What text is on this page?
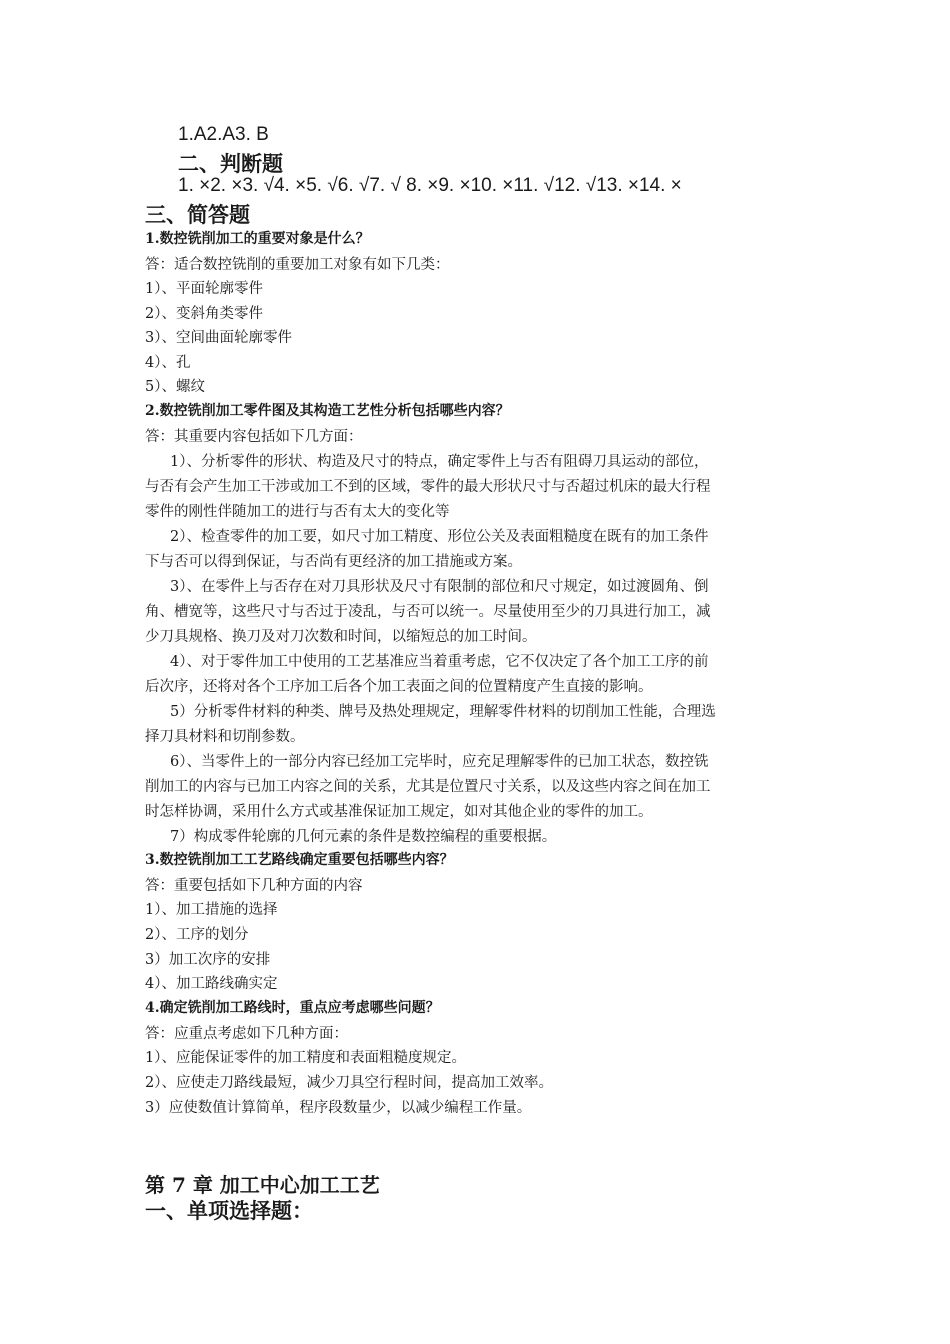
1.A2.A3. B

二、判断题

1. ×2. ×3. √4. ×5. √6. √7. √ 8. ×9. ×10. ×11. √12. √13. ×14. ×

三、简答题

1.数控铣削加工的重要对象是什么？

答：适合数控铣削的重要加工对象有如下几类：

1）、平面轮廓零件

2）、变斜角类零件

3）、空间曲面轮廓零件

4）、孔

5）、螺纹

2.数控铣削加工零件图及其构造工艺性分析包括哪些内容？

答：其重要内容包括如下几方面：

1）、分析零件的形状、构造及尺寸的特点，确定零件上与否有阻碍刀具运动的部位，

与否有会产生加工干涉或加工不到的区域，零件的最大形状尺寸与否超过机床的最大行程

零件的刚性伴随加工的进行与否有太大的变化等

2）、检查零件的加工要，如尺寸加工精度、形位公关及表面粗糙度在既有的加工条件

下与否可以得到保证，与否尚有更经济的加工措施或方案。

3）、在零件上与否存在对刀具形状及尺寸有限制的部位和尺寸规定，如过渡圆角、倒

角、槽宽等，这些尺寸与否过于凌乱，与否可以统一。尽量使用至少的刀具进行加工，减

少刀具规格、换刀及对刀次数和时间，以缩短总的加工时间。

4）、对于零件加工中使用的工艺基准应当着重考虑，它不仅决定了各个加工工序的前

后次序，还将对各个工序加工后各个加工表面之间的位置精度产生直接的影响。

5）分析零件材料的种类、牌号及热处理规定，理解零件材料的切削加工性能，合理选

择刀具材料和切削参数。

6）、当零件上的一部分内容已经加工完毕时，应充足理解零件的已加工状态，数控铣

削加工的内容与已加工内容之间的关系，尤其是位置尺寸关系，以及这些内容之间在加工

时怎样协调，采用什么方式或基准保证加工规定，如对其他企业的零件的加工。

7）构成零件轮廓的几何元素的条件是数控编程的重要根据。

3.数控铣削加工工艺路线确定重要包括哪些内容？

答：重要包括如下几种方面的内容

1）、加工措施的选择

2）、工序的划分

3）加工次序的安排

4）、加工路线确实定

4.确定铣削加工路线时，重点应考虑哪些问题？

答：应重点考虑如下几种方面：

1）、应能保证零件的加工精度和表面粗糙度规定。

2）、应使走刀路线最短，减少刀具空行程时间，提高加工效率。

3）应使数值计算简单，程序段数量少，以减少编程工作量。

第 7 章 加工中心加工工艺

一、单项选择题：
